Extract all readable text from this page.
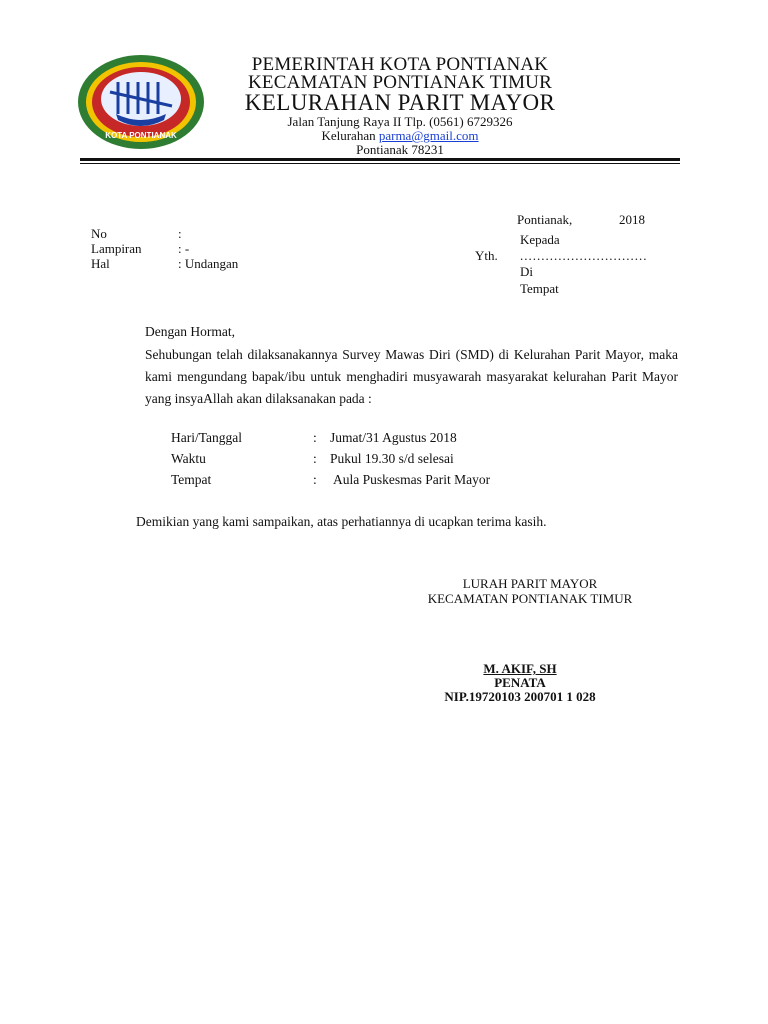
KOTA PONTIANAK
PEMERINTAH KOTA PONTIANAK
KECAMATAN PONTIANAK TIMUR
KELURAHAN PARIT MAYOR
Jalan Tanjung Raya II Tlp. (0561) 6729326
Kelurahan parma@gmail.com
Pontianak 78231
No	:
Lampiran	: -
Hal	: Undangan
Pontianak,	2018
Kepada
Yth. ..............................
Di
Tempat
Dengan Hormat,
Sehubungan telah dilaksanakannya Survey Mawas Diri (SMD) di Kelurahan Parit Mayor, maka kami mengundang bapak/ibu untuk menghadiri musyawarah masyarakat kelurahan Parit Mayor yang insyaAllah akan dilaksanakan pada :
Hari/Tanggal	: Jumat/31 Agustus 2018
Waktu	: Pukul 19.30 s/d selesai
Tempat	: Aula Puskesmas Parit Mayor
Demikian yang kami sampaikan, atas perhatiannya di ucapkan terima kasih.
LURAH PARIT MAYOR
KECAMATAN PONTIANAK TIMUR
M. AKIF, SH
PENATA
NIP.19720103 200701 1 028
